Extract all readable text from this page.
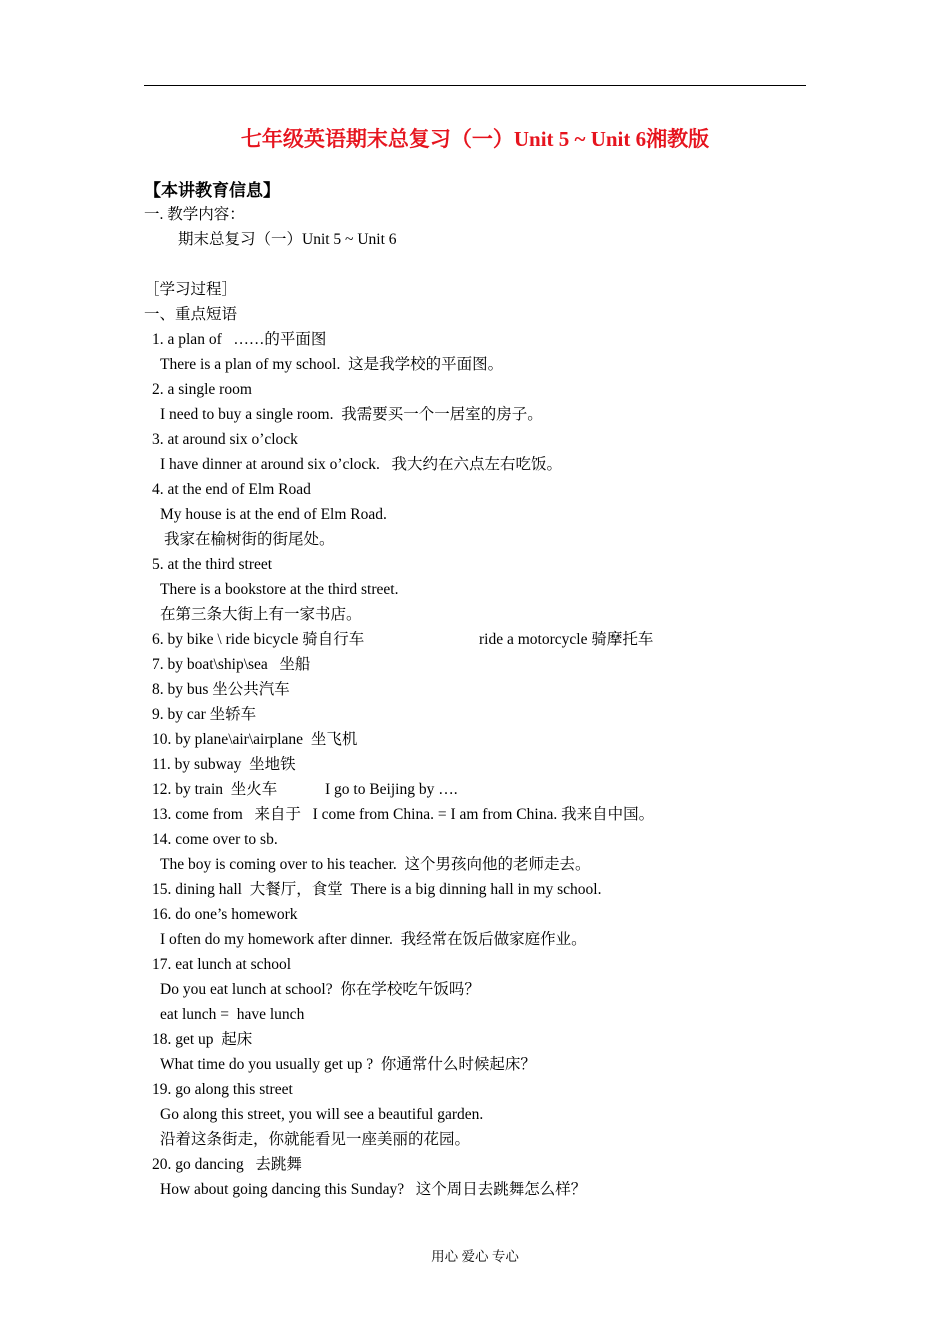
七年级英语期末总复习（一）Unit 5 ~ Unit 6湘教版
【本讲教育信息】
一. 教学内容：
期末总复习（一）Unit 5 ~ Unit 6
［学习过程］
一、重点短语
1. a plan of   ……的平面图
There is a plan of my school.  这是我学校的平面图。
2. a single room
I need to buy a single room.  我需要买一个一居室的房子。
3. at around six o’clock
I have dinner at around six o’clock.   我大约在六点左右吃饭。
4. at the end of Elm Road
My house is at the end of Elm Road.
我家在榆树街的街尾处。
5. at the third street
There is a bookstore at the third street.
在第三条大街上有一家书店。
6. by bike \ ride bicycle 骑自行车	ride a motorcycle 骑摩托车
7. by boat\ship\sea   坐船
8. by bus 坐公共汽车
9. by car 坐轿车
10. by plane\air\airplane  坐飞机
11. by subway  坐地铁
12. by train  坐火车	I go to Beijing by ….
13. come from   来自于   I come from China. = I am from China. 我来自中国。
14. come over to sb.
The boy is coming over to his teacher.  这个男孩向他的老师走去。
15. dining hall  大餐厅，食堂  There is a big dinning hall in my school.
16. do one’s homework
I often do my homework after dinner.  我经常在饭后做家庭作业。
17. eat lunch at school
Do you eat lunch at school?  你在学校吃午饭吗？
eat lunch =  have lunch
18. get up  起床
What time do you usually get up ?  你通常什么时候起床？
19. go along this street
Go along this street, you will see a beautiful garden.
沿着这条街走，你就能看见一座美丽的花园。
20. go dancing   去跳舞
How about going dancing this Sunday?   这个周日去跳舞怎么样？
用心 爱心 专心
